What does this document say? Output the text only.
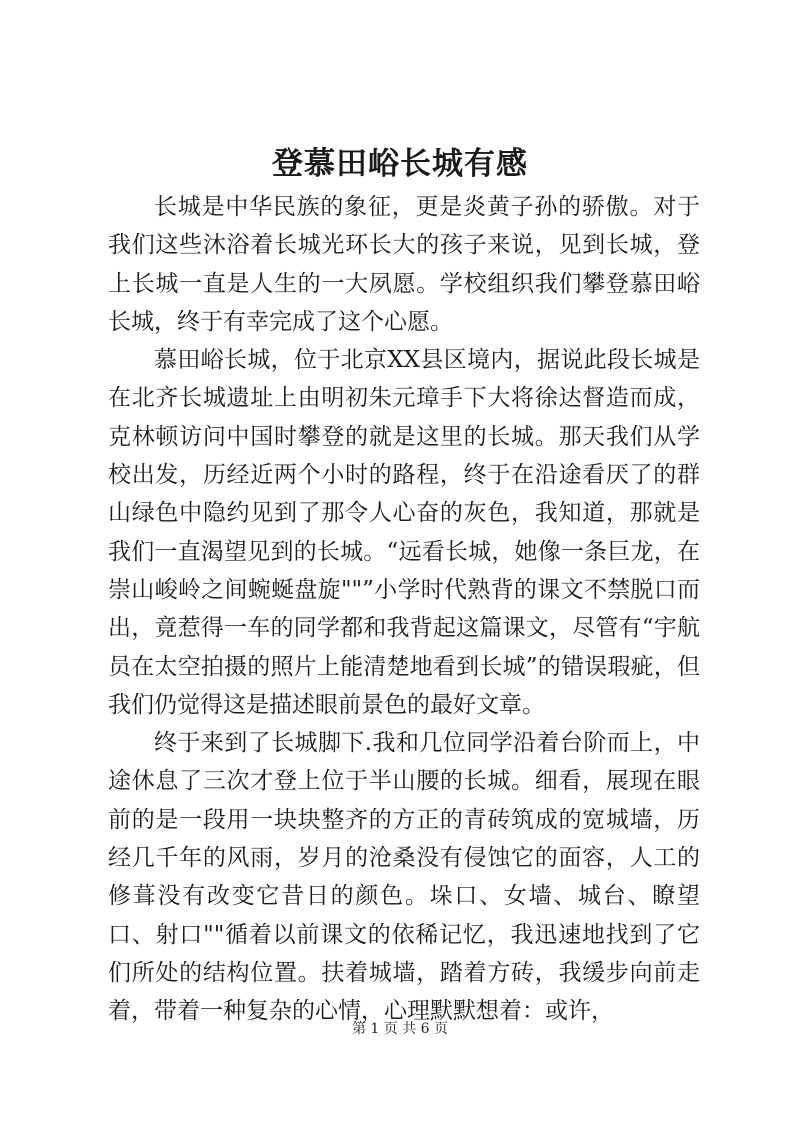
登慕田峪长城有感

长城是中华民族的象征，更是炎黄子孙的骄傲。对于我们这些沐浴着长城光环长大的孩子来说，见到长城，登上长城一直是人生的一大夙愿。学校组织我们攀登慕田峪长城，终于有幸完成了这个心愿。

慕田峪长城，位于北京XX县区境内，据说此段长城是在北齐长城遗址上由明初朱元璋手下大将徐达督造而成，克林顿访问中国时攀登的就是这里的长城。那天我们从学校出发，历经近两个小时的路程，终于在沿途看厌了的群山绿色中隐约见到了那令人心奋的灰色，我知道，那就是我们一直渴望见到的长城。“远看长城，她像一条巨龙，在崇山峻岭之间蜿蜒盘旋""”小学时代熟背的课文不禁脱口而出，竟惹得一车的同学都和我背起这篇课文，尽管有“宇航员在太空拍摄的照片上能清楚地看到长城”的错误瑕疵，但我们仍觉得这是描述眼前景色的最好文章。

终于来到了长城脚下.我和几位同学沿着台阶而上，中途休息了三次才登上位于半山腰的长城。细看，展现在眼前的是一段用一块块整齐的方正的青砖筑成的宽城墙，历经几千年的风雨，岁月的沧桑没有侵蚀它的面容，人工的修葺没有改变它昔日的颜色。垛口、女墙、城台、瞭望口、射口""循着以前课文的依稀记忆，我迅速地找到了它们所处的结构位置。扶着城墙，踏着方砖，我缓步向前走着，带着一种复杂的心情，心理默默想着：或许，

第 1 页 共 6 页
